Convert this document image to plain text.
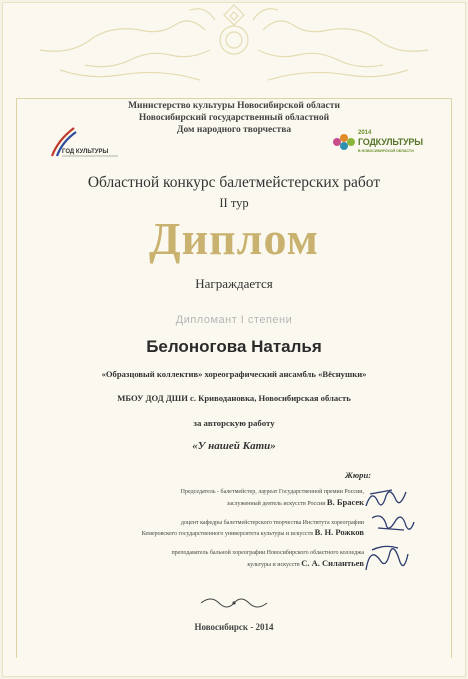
Министерство культуры Новосибирской области
Новосибирский государственный областной
Дом народного творчества
ГОД КУЛЬТУРЫ
2014
ГОДКУЛЬТУРЫ
В НОВОСИБИРСКОЙ ОБЛАСТИ
Областной конкурс балетмейстерских работ
II тур
Диплом
Награждается
Дипломант I степени
Белоногова Наталья
«Образцовый коллектив» хореографический ансамбль «Вёснушки»
МБОУ ДОД ДШИ с. Криводановка, Новосибирская область
за авторскую работу
«У нашей Кати»
Жюри:
Председатель - балетмейстер, лауреат Государственной премии России,
заслуженный деятель искусств России В. Брасек
доцент кафедры балетмейстерского творчества Института хореографии
Кемеровского государственного университета культуры и искусств В. Н. Рожков
преподаватель бальной хореографии Новосибирского областного колледжа
культуры и искусств С. А. Силантьев
Новосибирск - 2014
